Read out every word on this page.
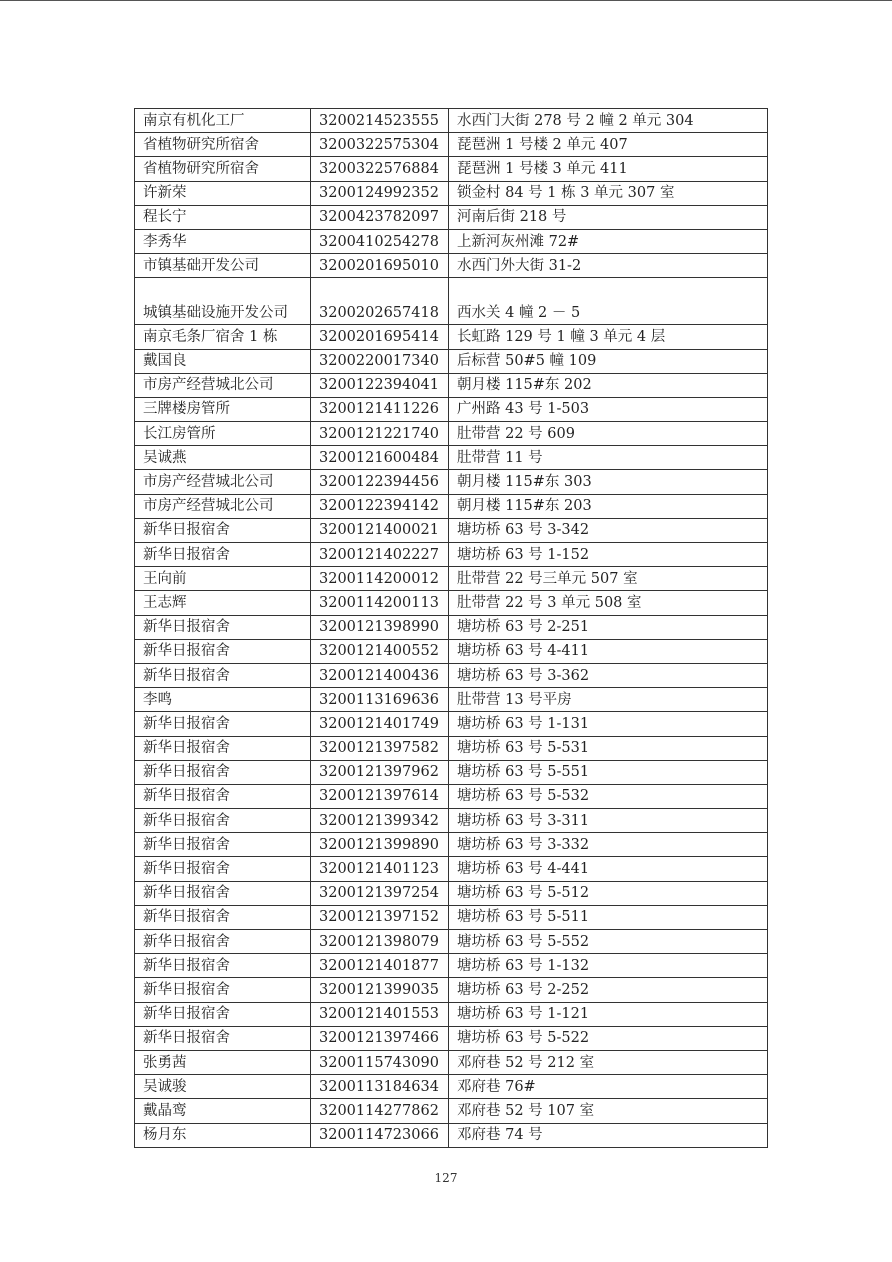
南京有机化工厂	3200214523555	水西门大街 278 号 2 幢 2 单元 304
省植物研究所宿舍	3200322575304	琵琶洲 1 号楼 2 单元 407
省植物研究所宿舍	3200322576884	琵琶洲 1 号楼 3 单元 411
许新荣	3200124992352	锁金村 84 号 1 栋 3 单元 307 室
程长宁	3200423782097	河南后街 218 号
李秀华	3200410254278	上新河灰州滩 72#
市镇基础开发公司	3200201695010	水西门外大街 31-2
城镇基础设施开发公司	3200202657418	西水关 4 幢 2 － 5
南京毛条厂宿舍 1 栋	3200201695414	长虹路 129 号 1 幢 3 单元 4 层
戴国良	3200220017340	后标营 50#5 幢 109
市房产经营城北公司	3200122394041	朝月楼 115#东 202
三牌楼房管所	3200121411226	广州路 43 号 1-503
长江房管所	3200121221740	肚带营 22 号 609
吴诚燕	3200121600484	肚带营 11 号
市房产经营城北公司	3200122394456	朝月楼 115#东 303
市房产经营城北公司	3200122394142	朝月楼 115#东 203
新华日报宿舍	3200121400021	塘坊桥 63 号 3-342
新华日报宿舍	3200121402227	塘坊桥 63 号 1-152
王向前	3200114200012	肚带营 22 号三单元 507 室
王志辉	3200114200113	肚带营 22 号 3 单元 508 室
新华日报宿舍	3200121398990	塘坊桥 63 号 2-251
新华日报宿舍	3200121400552	塘坊桥 63 号 4-411
新华日报宿舍	3200121400436	塘坊桥 63 号 3-362
李鸣	3200113169636	肚带营 13 号平房
新华日报宿舍	3200121401749	塘坊桥 63 号 1-131
新华日报宿舍	3200121397582	塘坊桥 63 号 5-531
新华日报宿舍	3200121397962	塘坊桥 63 号 5-551
新华日报宿舍	3200121397614	塘坊桥 63 号 5-532
新华日报宿舍	3200121399342	塘坊桥 63 号 3-311
新华日报宿舍	3200121399890	塘坊桥 63 号 3-332
新华日报宿舍	3200121401123	塘坊桥 63 号 4-441
新华日报宿舍	3200121397254	塘坊桥 63 号 5-512
新华日报宿舍	3200121397152	塘坊桥 63 号 5-511
新华日报宿舍	3200121398079	塘坊桥 63 号 5-552
新华日报宿舍	3200121401877	塘坊桥 63 号 1-132
新华日报宿舍	3200121399035	塘坊桥 63 号 2-252
新华日报宿舍	3200121401553	塘坊桥 63 号 1-121
新华日报宿舍	3200121397466	塘坊桥 63 号 5-522
张勇茜	3200115743090	邓府巷 52 号 212 室
吴诚骏	3200113184634	邓府巷 76#
戴晶鸾	3200114277862	邓府巷 52 号 107 室
杨月东	3200114723066	邓府巷 74 号
127
